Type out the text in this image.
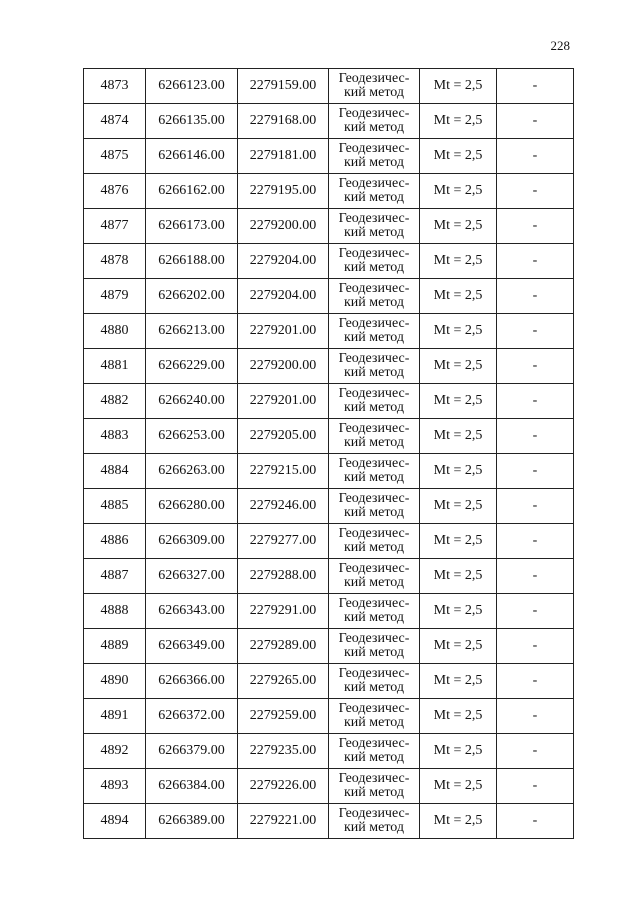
228
4873	6266123.00	2279159.00	Геодезичес-
кий метод	Mt = 2,5	-
4874	6266135.00	2279168.00	Геодезичес-
кий метод	Mt = 2,5	-
4875	6266146.00	2279181.00	Геодезичес-
кий метод	Mt = 2,5	-
4876	6266162.00	2279195.00	Геодезичес-
кий метод	Mt = 2,5	-
4877	6266173.00	2279200.00	Геодезичес-
кий метод	Mt = 2,5	-
4878	6266188.00	2279204.00	Геодезичес-
кий метод	Mt = 2,5	-
4879	6266202.00	2279204.00	Геодезичес-
кий метод	Mt = 2,5	-
4880	6266213.00	2279201.00	Геодезичес-
кий метод	Mt = 2,5	-
4881	6266229.00	2279200.00	Геодезичес-
кий метод	Mt = 2,5	-
4882	6266240.00	2279201.00	Геодезичес-
кий метод	Mt = 2,5	-
4883	6266253.00	2279205.00	Геодезичес-
кий метод	Mt = 2,5	-
4884	6266263.00	2279215.00	Геодезичес-
кий метод	Mt = 2,5	-
4885	6266280.00	2279246.00	Геодезичес-
кий метод	Mt = 2,5	-
4886	6266309.00	2279277.00	Геодезичес-
кий метод	Mt = 2,5	-
4887	6266327.00	2279288.00	Геодезичес-
кий метод	Mt = 2,5	-
4888	6266343.00	2279291.00	Геодезичес-
кий метод	Mt = 2,5	-
4889	6266349.00	2279289.00	Геодезичес-
кий метод	Mt = 2,5	-
4890	6266366.00	2279265.00	Геодезичес-
кий метод	Mt = 2,5	-
4891	6266372.00	2279259.00	Геодезичес-
кий метод	Mt = 2,5	-
4892	6266379.00	2279235.00	Геодезичес-
кий метод	Mt = 2,5	-
4893	6266384.00	2279226.00	Геодезичес-
кий метод	Mt = 2,5	-
4894	6266389.00	2279221.00	Геодезичес-
кий метод	Mt = 2,5	-
